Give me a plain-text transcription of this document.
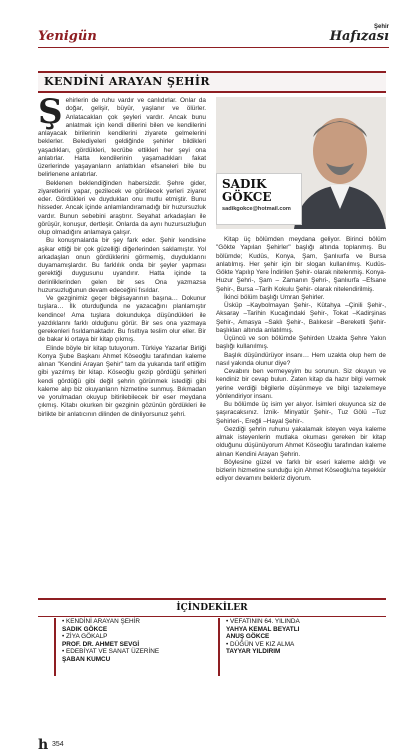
Yenigün
Şehir
Hafızası
KENDİNİ ARAYAN ŞEHİR
Ş ehirlerin de ruhu vardır ve canlıdırlar. Onlar da doğar, gelişir, büyür, yaşlanır ve ölürler. Anlatacakları çok şeyleri vardır. Ancak bunu anlatmak için kendi dillerini bilen ve kendilerini anlayacak birilerinin kendilerini ziyarete gelmelerini beklerler. Belediyeleri geldiğinde şehirler bildikleri yaşadıkları, gördükleri, tecrübe ettikleri her şeyi ona anlatırlar. Hatta kendilerinin yaşamadıkları fakat üzerlerinde yaşayanların anlattıkları efsaneleri bile bu belirlenene anlatırlar.

Beklenen beklendiğinden habersizdir. Şehre gider, ziyaretlerini yapar, gezilecek ve görülecek yerleri ziyaret eder. Gördükleri ve duydukları onu mutlu etmiştir. Bunu hisseder. Ancak içinde anlamlandıramadığı bir huzursuzluk vardır. Bunun sebebini araştırır. Seyahat arkadaşları ile görüşür, konuşur, dertleşir. Onlarda da aynı huzursuzluğun olup olmadığını anlamaya çalışır.

Bu konuşmalarda bir şey fark eder. Şehir kendisine aşikar ettiği bir çok güzelliği diğerlerinden saklamıştır. Yol arkadaşları onun gördüklerini görmemiş, duyduklarını duyamamışlardır. Bu farklılık onda bir şeyler yapması gerektiği duygusunu uyandırır. Hatta içinde ta derinliklerinden gelen bir ses Ona yazmazsa huzursuzluğunun devam edeceğini fısıldar.

Ve gezginimiz geçer bilgisayarının başına… Dokunur tuşlara… İlk oturduğunda ne yazacağını planlamıştır kendince! Ama tuşlara dokundukça düşündükleri ile yazdıklarını farklı olduğunu görür. Bir ses ona yazmaya gerekenleri fısıldamaktadır. Bu fısıltıya teslim olur eller. Bir de bakar ki ortaya bir kitap çıkmış.

Elinde böyle bir kitap tutuyorum. Türkiye Yazarlar Birliği Konya Şube Başkanı Ahmet Köseoğlu tarafından kaleme alınan "Kendini Arayan Şehir" tam da yukarıda tarif ettiğim gibi yazılmış bir kitap. Köseoğlu gezip gördüğü şehirleri kendi gördüğü gibi değil şehrin görünmek istediği gibi kaleme alıp biz okuyanların hizmetine sunmuş. Bıkmadan ve yorulmadan okuyup bitirilebilecek bir eser meydana çıkmış. Kitabı okurken bir gezginin gözünün gördükleri ile birlikte bir anlatıcının dilinden de dinliyorsunuz şehri.

SADIK GÖKCE
sadikgokce@hotmail.com

Kitap üç bölümden meydana geliyor. Birinci bölüm "Gökte Yapılan Şehirler" başlığı altında toplanmış. Bu bölümde; Kudüs, Konya, Şam, Şanlıurfa ve Bursa anlatılmış. Her şehir için bir slogan kullanılmış. Kudüs- Gökte Yapılıp Yere İndirilen Şehir- olarak nitelenmiş. Konya-Huzur Şehri-, Şam – Zamanın Şehri-, Şanlıurfa –Efsane Şehir-, Bursa –Tarih Kokulu Şehir- olarak nitelendirilmiş.

İkinci bölüm başlığı Umran Şehirler.

Üsküp –Kaybolmayan Şehir-, Kütahya –Çinili Şehir-, Aksaray –Tarihin Kucağındaki Şehir-, Tokat –Kadirşinas Şehir-, Amasya –Saklı Şehir-, Balıkesir –Bereketli Şehir- başlıkları altında anlatılmış.

Üçüncü ve son bölümde Şehirden Uzakta Şehre Yakın başlığı kullanılmış.

Başlık düşündürüyor insanı… Hem uzakta olup hem de nasıl yakında olunur diye?

Cevabını ben vermeyeyim bu sorunun. Siz okuyun ve kendiniz bir cevap bulun. Zaten kitap da hazır bilgi vermek yerine verdiği bilgilerle düşünmeye ve bilgi tazelemeye yönlendiriyor insanı.

Bu bölümde üç isim yer alıyor. İsimleri okuyunca siz de şaşıracaksınız. İznik- Minyatür Şehir-, Tuz Gölü –Tuz Şehirleri-, Ereğli –Hayal Şehir-.

Gezdiği şehrin ruhunu yakalamak isteyen veya kaleme almak isteyenlerin mutlaka okuması gereken bir kitap olduğunu düşünüyorum Ahmet Köseoğlu tarafından kaleme alınan Kendini Arayan Şehrin.

Böylesine güzel ve farklı bir eseri kaleme aldığı ve bizlerin hizmetine sunduğu için Ahmet Köseoğlu'na teşekkür ediyor devamını bekleriz diyorum.

İÇİNDEKİLER
• KENDİNİ ARAYAN ŞEHİR
SADIK GÖKCE
• ZİYA GÖKALP
PROF. DR. AHMET SEVGİ
• EDEBİYAT VE SANAT ÜZERİNE
ŞABAN KUMCU
• VEFATININ 64. YILINDA
YAHYA KEMAL BEYATLI
ANUŞ GÖKCE
• DÜĞÜN VE KIZ ALMA
TAYYAR YILDIRIM
h 354
